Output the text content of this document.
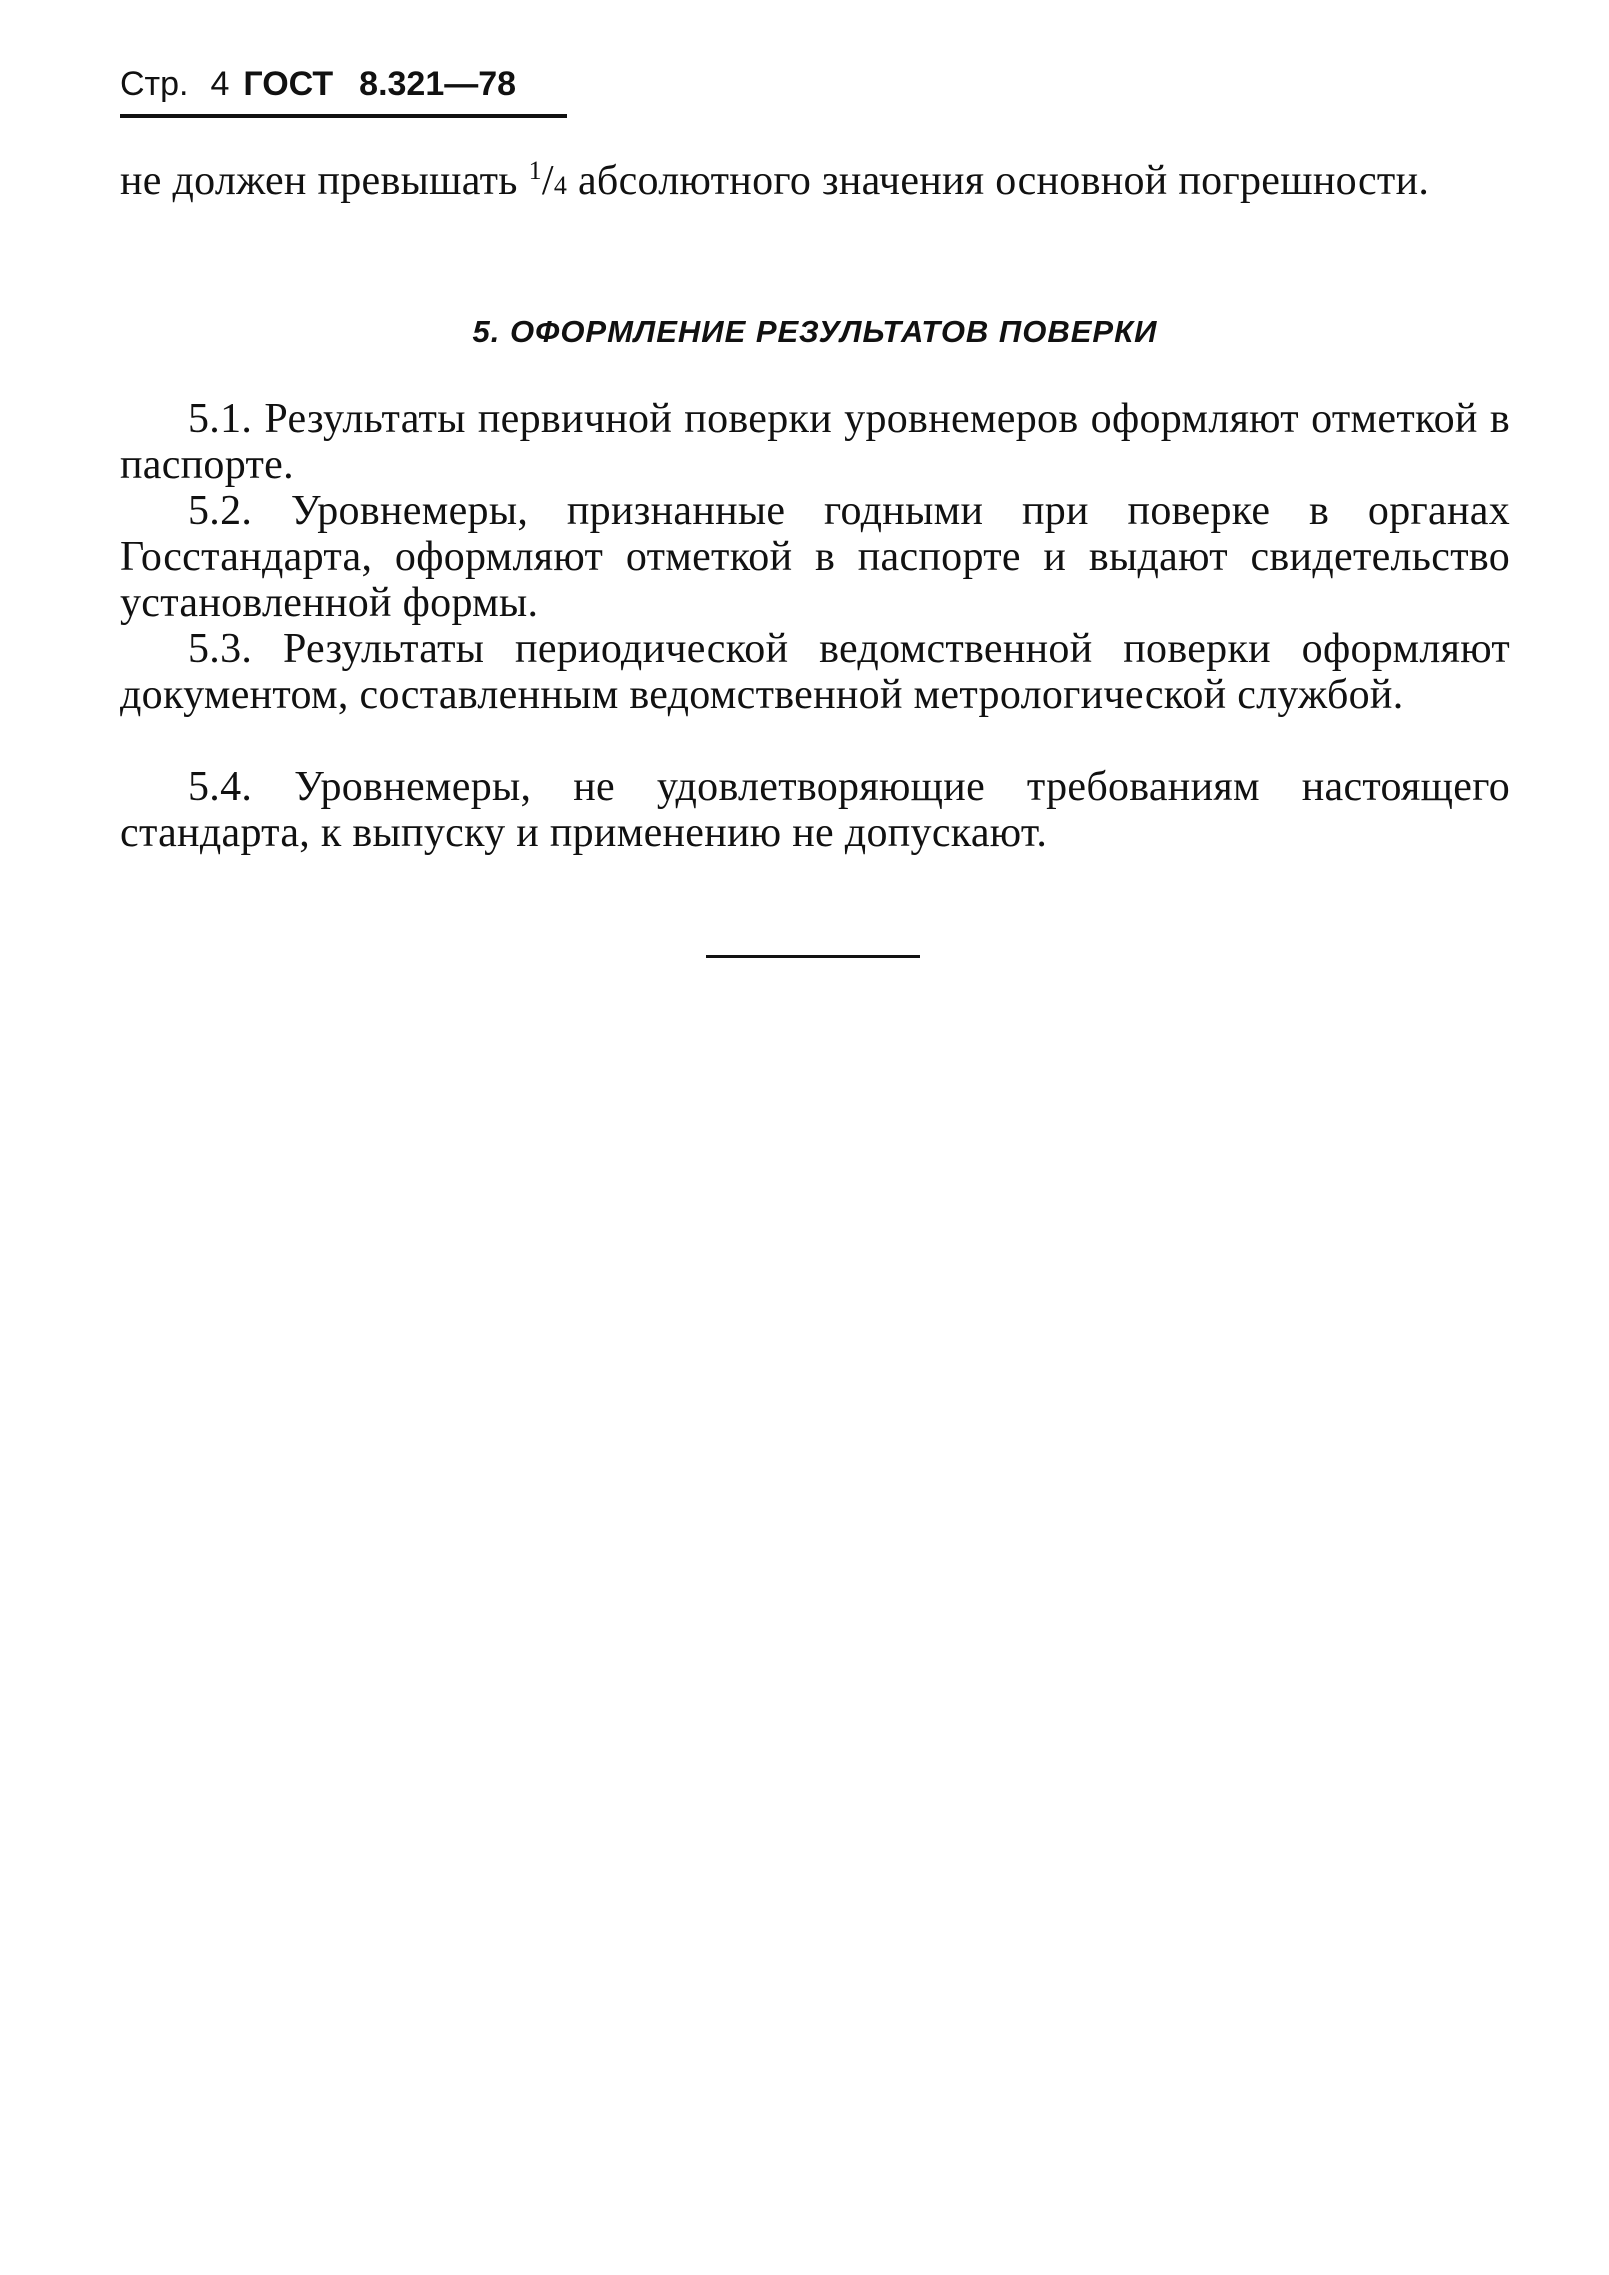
Стр. 4 ГОСТ 8.321—78
не должен превышать $^1$/4 абсолютного значения основной погрешности.
5. ОФОРМЛЕНИЕ РЕЗУЛЬТАТОВ ПОВЕРКИ
5.1. Результаты первичной поверки уровнемеров оформляют отметкой в паспорте.
5.2. Уровнемеры, признанные годными при поверке в органах Госстандарта, оформляют отметкой в паспорте и выдают свидетельство установленной формы.
5.3. Результаты периодической ведомственной поверки оформляют документом, составленным ведомственной метрологической службой.
5.4. Уровнемеры, не удовлетворяющие требованиям настоящего стандарта, к выпуску и применению не допускают.
